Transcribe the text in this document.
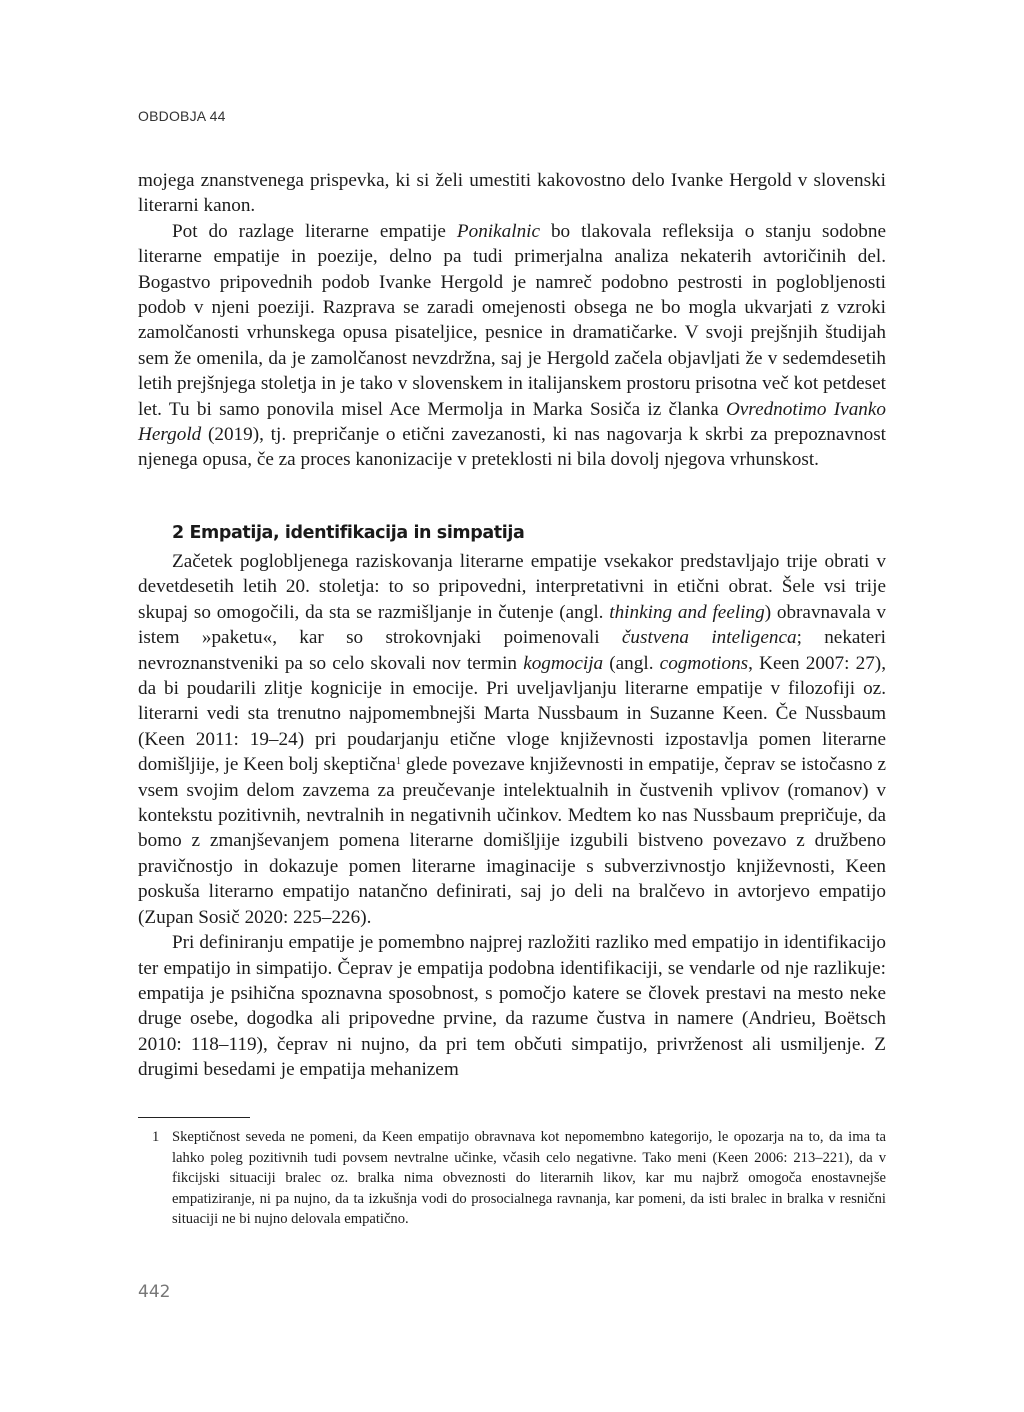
OBDOBJA 44

mojega znanstvenega prispevka, ki si želi umestiti kakovostno delo Ivanke Hergold v slovenski literarni kanon.

Pot do razlage literarne empatije Ponikalnic bo tlakovala refleksija o stanju sodobne literarne empatije in poezije, delno pa tudi primerjalna analiza nekaterih avtoričinih del. Bogastvo pripovednih podob Ivanke Hergold je namreč podobno pestrosti in poglobljenosti podob v njeni poeziji. Razprava se zaradi omejenosti obsega ne bo mogla ukvarjati z vzroki zamolčanosti vrhunskega opusa pisateljice, pesnice in dramatičarke. V svoji prejšnjih študijah sem že omenila, da je zamolčanost nevzdržna, saj je Hergold začela objavljati že v sedemdesetih letih prejšnjega stoletja in je tako v slovenskem in italijanskem prostoru prisotna več kot petdeset let. Tu bi samo ponovila misel Ace Mermolja in Marka Sosiča iz članka Ovrednotimo Ivanko Hergold (2019), tj. prepričanje o etični zavezanosti, ki nas nagovarja k skrbi za prepoznavnost njenega opusa, če za proces kanonizacije v preteklosti ni bila dovolj njegova vrhunskost.

2 Empatija, identifikacija in simpatija

Začetek poglobljenega raziskovanja literarne empatije vsekakor predstavljajo trije obrati v devetdesetih letih 20. stoletja: to so pripovedni, interpretativni in etični obrat. Šele vsi trije skupaj so omogočili, da sta se razmišljanje in čutenje (angl. thinking and feeling) obravnavala v istem »paketu«, kar so strokovnjaki poimenovali čustvena inteligenca; nekateri nevroznanstveniki pa so celo skovali nov termin kogmocija (angl. cogmotions, Keen 2007: 27), da bi poudarili zlitje kognicije in emocije. Pri uveljavljanju literarne empatije v filozofiji oz. literarni vedi sta trenutno najpomembnejši Marta Nussbaum in Suzanne Keen. Če Nussbaum (Keen 2011: 19–24) pri poudarjanju etične vloge književnosti izpostavlja pomen literarne domišljije, je Keen bolj skeptična$^1$ glede povezave književnosti in empatije, čeprav se istočasno z vsem svojim delom zavzema za preučevanje intelektualnih in čustvenih vplivov (romanov) v kontekstu pozitivnih, nevtralnih in negativnih učinkov. Medtem ko nas Nussbaum prepričuje, da bomo z zmanjševanjem pomena literarne domišljije izgubili bistveno povezavo z družbeno pravičnostjo in dokazuje pomen literarne imaginacije s subverzivnostjo književnosti, Keen poskuša literarno empatijo natančno definirati, saj jo deli na bralčevo in avtorjevo empatijo (Zupan Sosič 2020: 225–226).

Pri definiranju empatije je pomembno najprej razložiti razliko med empatijo in identifikacijo ter empatijo in simpatijo. Čeprav je empatija podobna identifikaciji, se vendarle od nje razlikuje: empatija je psihična spoznavna sposobnost, s pomočjo katere se človek prestavi na mesto neke druge osebe, dogodka ali pripovedne prvine, da razume čustva in namere (Andrieu, Boëtsch 2010: 118–119), čeprav ni nujno, da pri tem občuti simpatijo, privrženost ali usmiljenje. Z drugimi besedami je empatija mehanizem

1 Skeptičnost seveda ne pomeni, da Keen empatijo obravnava kot nepomembno kategorijo, le opozarja na to, da ima ta lahko poleg pozitivnih tudi povsem nevtralne učinke, včasih celo negativne. Tako meni (Keen 2006: 213–221), da v fikcijski situaciji bralec oz. bralka nima obveznosti do literarnih likov, kar mu najbrž omogoča enostavnejše empatiziranje, ni pa nujno, da ta izkušnja vodi do prosocialnega ravnanja, kar pomeni, da isti bralec in bralka v resnični situaciji ne bi nujno delovala empatično.
442
